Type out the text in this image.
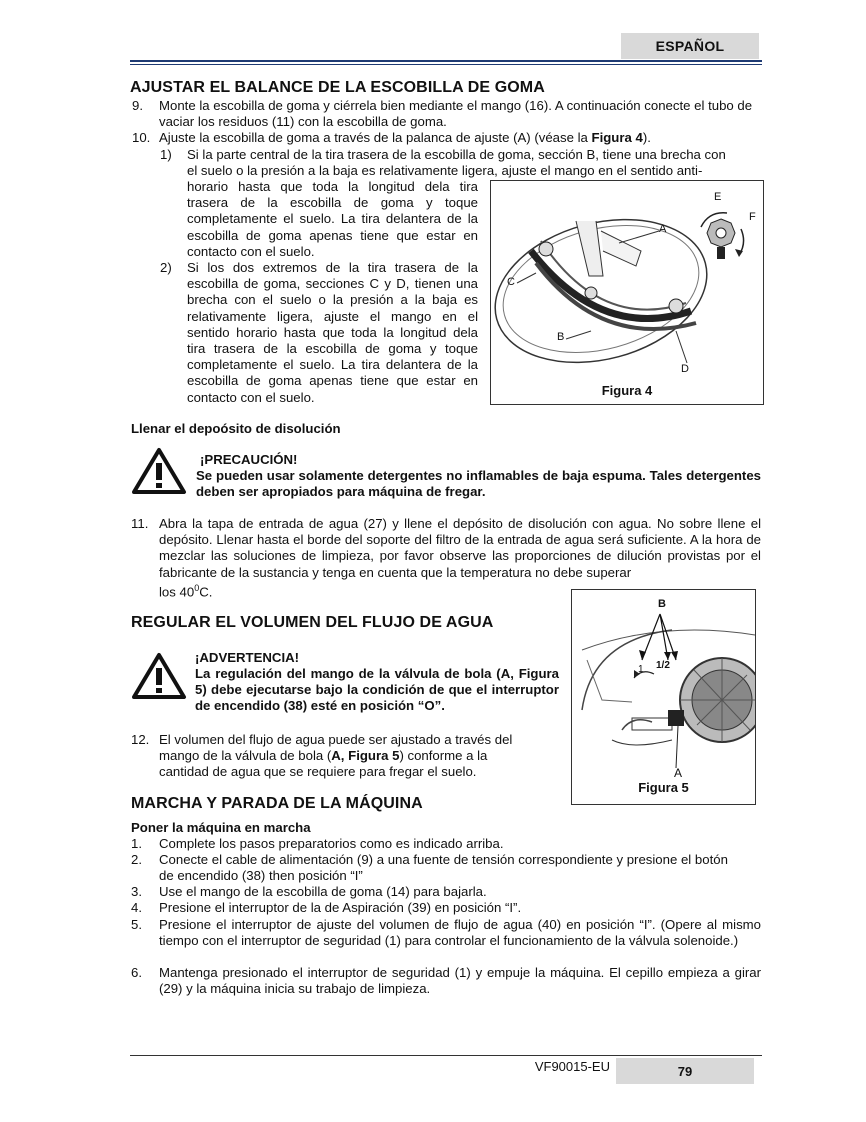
ESPAÑOL
AJUSTAR EL BALANCE DE LA ESCOBILLA DE GOMA
9. Monte la escobilla de goma y ciérrela bien mediante el mango (16). A continuación conecte el tubo de vaciar los residuos (11) con la escobilla de goma.
10. Ajuste la escobilla de goma a través de la palanca de ajuste (A) (véase la Figura 4).
1) Si la parte central de la tira trasera de la escobilla de goma, sección B, tiene una brecha con
el suelo o la presión a la baja es relativamente ligera, ajuste el mango en el sentido anti-
horario hasta que toda la longitud dela tira trasera de la escobilla de goma y toque completamente el suelo. La tira delantera de la escobilla de goma apenas tiene que estar en contacto con el suelo.
2) Si los dos extremos de la tira trasera de la escobilla de goma, secciones C y D, tienen una brecha con el suelo o la presión a la baja es relativamente ligera, ajuste el mango en el sentido horario hasta que toda la longitud dela tira trasera de la escobilla de goma y toque completamente el suelo. La tira delantera de la escobilla de goma apenas tiene que estar en contacto con el suelo.
A
B
C
D
E
F
Figura 4
Llenar el depoósito de disolución
¡PRECAUCIÓN!
Se pueden usar solamente detergentes no inflamables de baja espuma. Tales detergentes deben ser apropiados para máquina de fregar.
11. Abra la tapa de entrada de agua (27) y llene el depósito de disolución con agua. No sobre llene el depósito. Llenar hasta el borde del soporte del filtro de la entrada de agua será suficiente. A la hora de mezclar las soluciones de limpieza, por favor observe las proporciones de dilución provistas por el fabricante de la sustancia y tenga en cuenta que la temperatura no debe superar
los $40^0C$.
REGULAR EL VOLUMEN DEL FLUJO DE AGUA
¡ADVERTENCIA!
La regulación del mango de la válvula de bola (A, Figura 5) debe ejecutarse bajo la condición de que el interruptor de encendido (38) esté en posición “O”.
12. El volumen del flujo de agua puede ser ajustado a través del mango de la válvula de bola (A, Figura 5) conforme a la cantidad de agua que se requiere para fregar el suelo.
B
1 1/2
A
Figura 5
MARCHA Y PARADA DE LA MÁQUINA
Poner la máquina en marcha
1. Complete los pasos preparatorios como es indicado arriba.
2. Conecte el cable de alimentación (9) a una fuente de tensión correspondiente y presione el botón de encendido (38) then posición “I”
3. Use el mango de la escobilla de goma (14) para bajarla.
4. Presione el interruptor de la de Aspiración (39) en posición “I”.
5. Presione el interruptor de ajuste del volumen de flujo de agua (40) en posición “I”. (Opere al mismo tiempo con el interruptor de seguridad (1) para controlar el funcionamiento de la válvula solenoide.)
6. Mantenga presionado el interruptor de seguridad (1) y empuje la máquina. El cepillo empieza a girar (29) y la máquina inicia su trabajo de limpieza.
VF90015-EU	79
